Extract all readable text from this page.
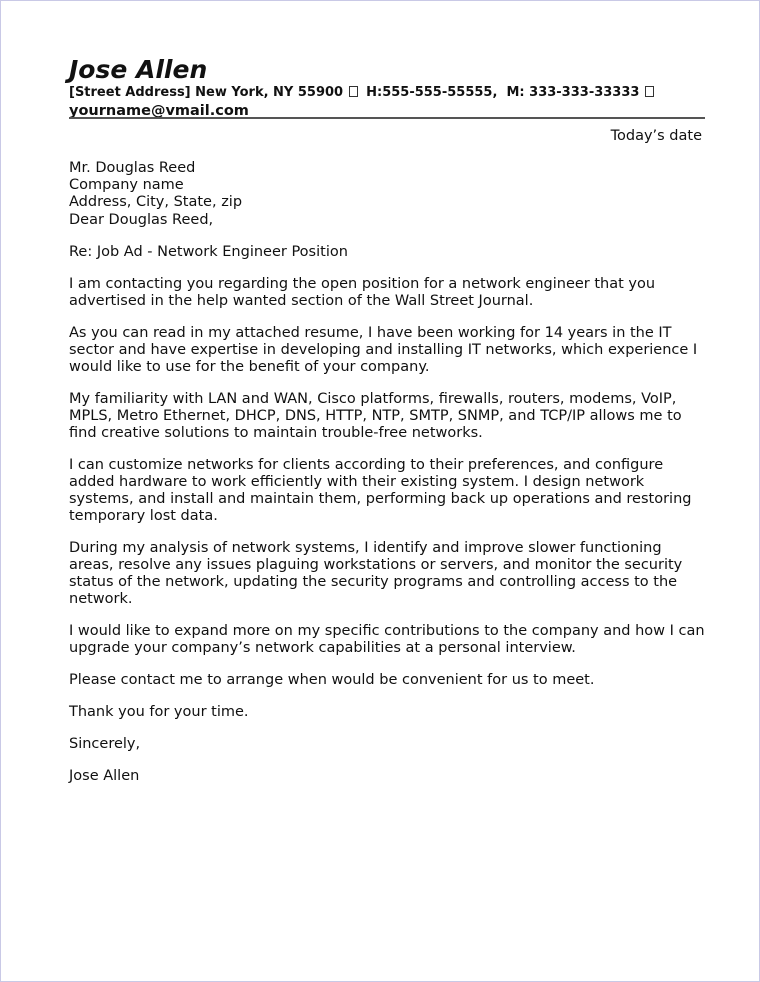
Jose Allen
[Street Address] New York, NY 55900 H:555-555-55555, M: 333-333-33333
yourname@vmail.com
Today’s date
Mr. Douglas Reed
Company name
Address, City, State, zip

Dear Douglas Reed,

Re: Job Ad - Network Engineer Position

I am contacting you regarding the open position for a network engineer that you advertised in the help wanted section of the Wall Street Journal.

As you can read in my attached resume, I have been working for 14 years in the IT sector and have expertise in developing and installing IT networks, which experience I would like to use for the benefit of your company.

My familiarity with LAN and WAN, Cisco platforms, firewalls, routers, modems, VoIP, MPLS, Metro Ethernet, DHCP, DNS, HTTP, NTP, SMTP, SNMP, and TCP/IP allows me to find creative solutions to maintain trouble-free networks.

I can customize networks for clients according to their preferences, and configure added hardware to work efficiently with their existing system. I design network systems, and install and maintain them, performing back up operations and restoring temporary lost data.

During my analysis of network systems, I identify and improve slower functioning areas, resolve any issues plaguing workstations or servers, and monitor the security status of the network, updating the security programs and controlling access to the network.

I would like to expand more on my specific contributions to the company and how I can upgrade your company’s network capabilities at a personal interview.

Please contact me to arrange when would be convenient for us to meet.

Thank you for your time.

Sincerely,

Jose Allen
